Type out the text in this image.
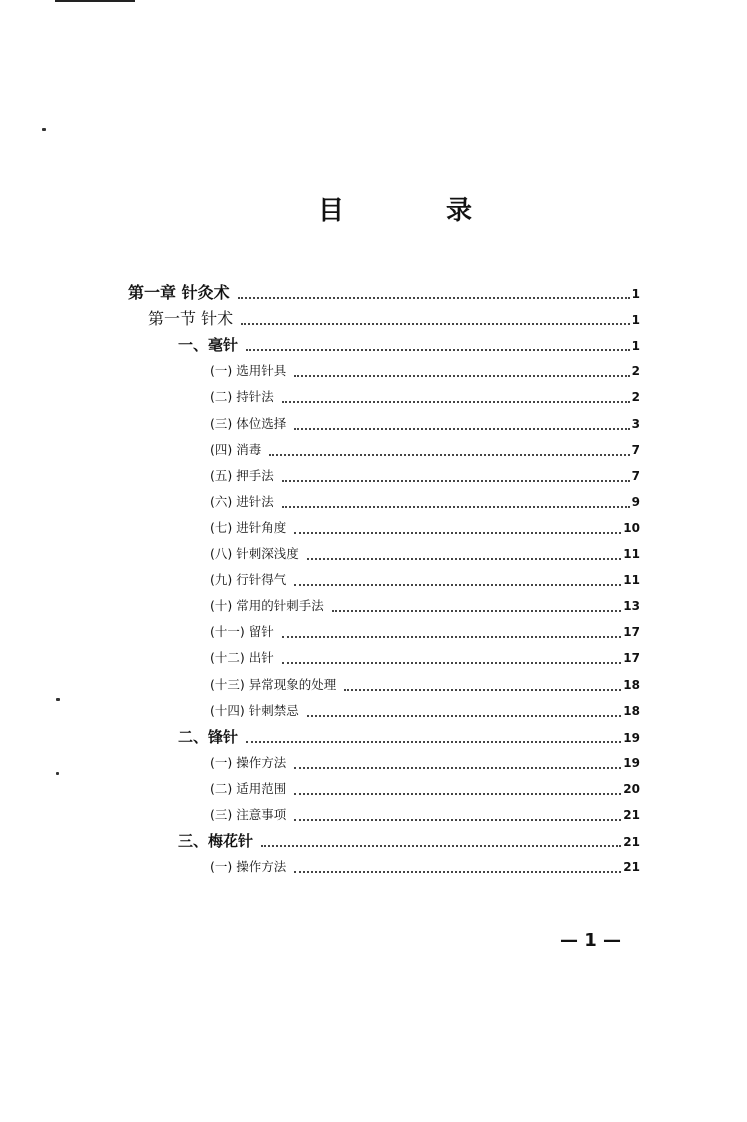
目	录
第一章 针灸术	1
第一节 针术	1
一、毫针	1
(一) 选用针具	2
(二) 持针法	2
(三) 体位选择	3
(四) 消毒	7
(五) 押手法	7
(六) 进针法	9
(七) 进针角度	10
(八) 针刺深浅度	11
(九) 行针得气	11
(十) 常用的针刺手法	13
(十一) 留针	17
(十二) 出针	17
(十三) 异常现象的处理	18
(十四) 针刺禁忌	18
二、锋针	19
(一) 操作方法	19
(二) 适用范围	20
(三) 注意事项	21
三、梅花针	21
(一) 操作方法	21
— 1 —
